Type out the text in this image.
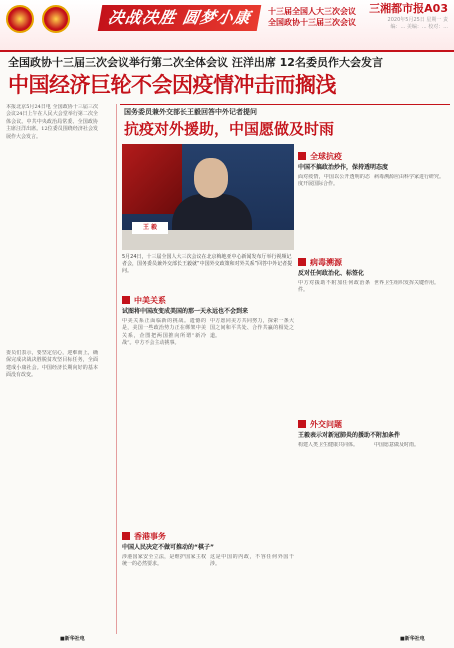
决战决胜 圆梦小康	十三届全国人大三次会议
全国政协十三届三次会议
三湘都市报A03
2020年5月25日 星期一 责编：... 美编：... 校对：...
全国政协十三届三次会议举行第二次全体会议 汪洋出席 12名委员作大会发言
中国经济巨轮不会因疫情冲击而搁浅
本报北京5月24日电 全国政协十三届三次会议24日上午在人民大会堂举行第二次全体会议。中共中央政治局常委、全国政协主席汪洋出席。12位委员围绕经济社会发展作大会发言。
委员们表示，要坚定信心，迎难而上，确保完成决战决胜脱贫攻坚目标任务，全面建成小康社会。中国经济长期向好的基本面没有改变。
国务委员兼外交部长王毅回答中外记者提问
抗疫对外援助，中国愿做及时雨
王 毅
5月24日，十三届全国人大三次会议在北京梅地亚中心新闻发布厅举行视频记者会，国务委员兼外交部长王毅就“中国外交政策和对外关系”回答中外记者提问。
中美关系
试图将中国改变成美国的那一天永远也不会到来
中美关系正面临新的挑战。遗憾的是，美国一些政治势力正在绑架中美关系，企图把两国推向所谓“新冷战”。中方不会主动挑事。
中方愿同美方共同努力，探索一条大国之间和平共处、合作共赢的相处之道。
香港事务
中国人民决定不做可推动的“棋子”
涉港国家安全立法，是维护国家主权统一的必然要求。
这是中国的内政，不容任何外国干涉。
全球抗疫
中国不搞政治炒作，保持透明态度
面对疫情，中国以公开透明的态度开展国际合作。
病毒溯源应由科学家进行研究。
病毒溯源
反对任何政治化、标签化
中方对援助不附加任何政治条件。
世界卫生组织发挥关键作用。
外交问题
王毅表示对新冠肺炎的援助不附加条件
构建人类卫生健康共同体。	中国愿意做及时雨。
■新华社电	■新华社电
